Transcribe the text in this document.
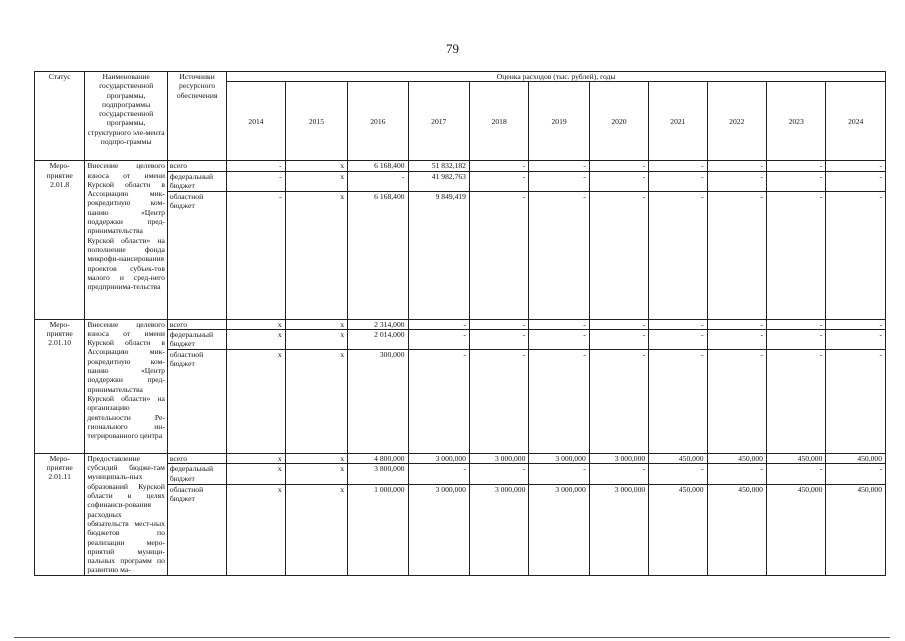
79
Статус	Наименование государственной программы, подпрограммы государственной программы, структурного эле-мента подпро-граммы	Источники ресурсного обеспечения	Оценка расходов (тыс. рублей), годы										
			2014	2015	2016	2017	2018	2019	2020	2021	2022	2023	2024
Меро-приятие 2.01.8	Внесение целевого взноса от имени Курской области в Ассоциацию мик-рокредитную ком-панию «Центр поддержки пред-принимательства Курской области» на пополнение фонда микрофи-нансирования проектов субъек-тов малого и сред-него предпринима-тельства	всего	-	х	6 168,400	51 832,182	-	-	-	-	-	-	-
		федеральный бюджет	-	х	-	41 982,763	-	-	-	-	-	-	-
		областной бюджет	-	х	6 168,400	9 849,419	-	-	-	-	-	-	-
Меро-приятие 2.01.10	Внесение целевого взноса от имени Курской области в Ассоциацию мик-рокредитную ком-панию «Центр поддержки пред-принимательства Курской области» на организацию деятельности Ре-гионального ин-тегрированного центра	всего	х	х	2 314,000	-	-	-	-	-	-	-	-
		федеральный бюджет	х	х	2 014,000	-	-	-	-	-	-	-	-
		областной бюджет	х	х	300,000	-	-	-	-	-	-	-	-
Меро-приятие 2.01.11	Предоставление субсидий бюдже-там муниципаль-ных образований Курской области в целях софинанси-рования расходных обязательств мест-ных бюджетов по реализации меро-приятий муници-пальных программ по развитию ма-	всего	х	х	4 800,000	3 000,000	3 000,000	3 000,000	3 000,000	450,000	450,000	450,000	450,000
		федеральный бюджет	х	х	3 800,000	-	-	-	-	-	-	-	-
		областной бюджет	х	х	1 000,000	3 000,000	3 000,000	3 000,000	3 000,000	450,000	450,000	450,000	450,000
